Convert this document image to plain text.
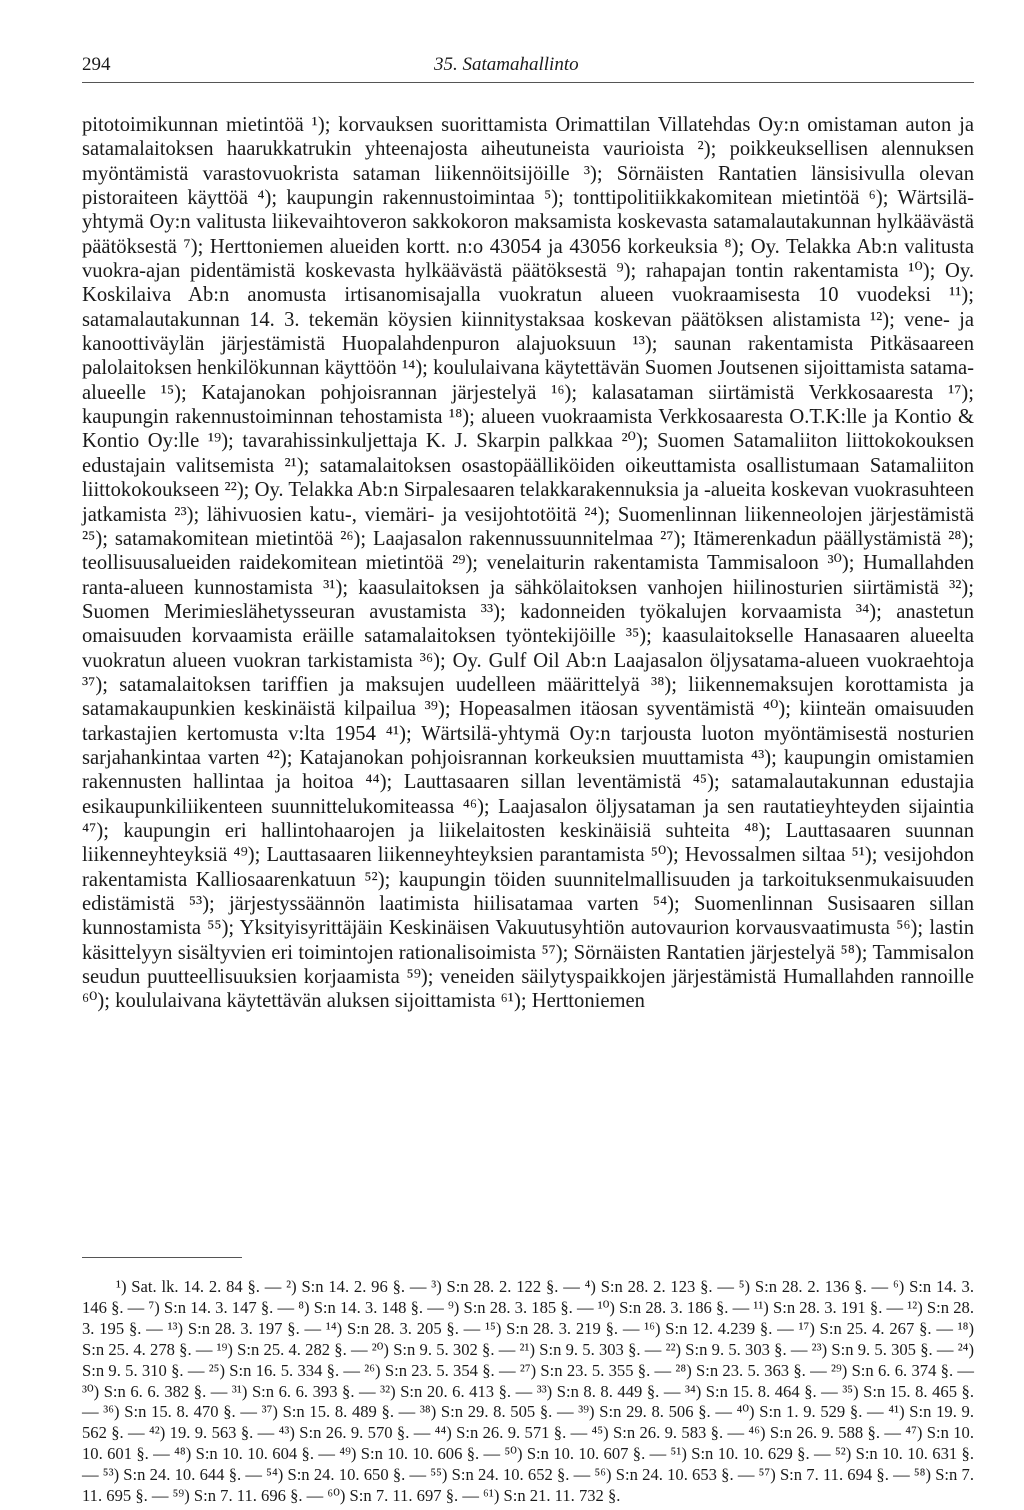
294	35. Satamahallinto

pitotoimikunnan mietintöä ¹); korvauksen suorittamista Orimattilan Villatehdas Oy:n omistaman auton ja satamalaitoksen haarukkatrukin yhteenajosta aiheutuneista vaurioista ²); poikkeuksellisen alennuksen myöntämistä varastovuokrista sataman liikennöitsijöille ³); Sörnäisten Rantatien länsisivulla olevan pistoraiteen käyttöä ⁴); kaupungin rakennustoimintaa ⁵); tonttipolitiikkakomitean mietintöä ⁶); Wärtsilä-yhtymä Oy:n valitusta liikevaihtoveron sakkokoron maksamista koskevasta satamalautakunnan hylkäävästä päätöksestä ⁷); Herttoniemen alueiden kortt. n:o 43054 ja 43056 korkeuksia ⁸); Oy. Telakka Ab:n valitusta vuokra-ajan pidentämistä koskevasta hylkäävästä päätöksestä ⁹); rahapajan tontin rakentamista ¹⁰); Oy. Koskilaiva Ab:n anomusta irtisanomisajalla vuokratun alueen vuokraamisesta 10 vuodeksi ¹¹); satamalautakunnan 14. 3. tekemän köysien kiinnitystaksaa koskevan päätöksen alistamista ¹²); vene- ja kanoottiväylän järjestämistä Huopalahdenpuron alajuoksuun ¹³); saunan rakentamista Pitkäsaareen palolaitoksen henkilökunnan käyttöön ¹⁴); koululaivana käytettävän Suomen Joutsenen sijoittamista satama-alueelle ¹⁵); Katajanokan pohjoisrannan järjestelyä ¹⁶); kalasataman siirtämistä Verkkosaaresta ¹⁷); kaupungin rakennustoiminnan tehostamista ¹⁸); alueen vuokraamista Verkkosaaresta O.T.K:lle ja Kontio & Kontio Oy:lle ¹⁹); tavarahissinkuljettaja K. J. Skarpin palkkaa ²⁰); Suomen Satamaliiton liittokokouksen edustajain valitsemista ²¹); satamalaitoksen osastopäälliköiden oikeuttamista osallistumaan Satamaliiton liittokokoukseen ²²); Oy. Telakka Ab:n Sirpalesaaren telakkarakennuksia ja -alueita koskevan vuokrasuhteen jatkamista ²³); lähivuosien katu-, viemäri- ja vesijohtotöitä ²⁴); Suomenlinnan liikenneolojen järjestämistä ²⁵); satamakomitean mietintöä ²⁶); Laajasalon rakennussuunnitelmaa ²⁷); Itämerenkadun päällystämistä ²⁸); teollisuusalueiden raidekomitean mietintöä ²⁹); venelaiturin rakentamista Tammisaloon ³⁰); Humallahden ranta-alueen kunnostamista ³¹); kaasulaitoksen ja sähkölaitoksen vanhojen hiilinosturien siirtämistä ³²); Suomen Merimieslähetysseuran avustamista ³³); kadonneiden työkalujen korvaamista ³⁴); anastetun omaisuuden korvaamista eräille satamalaitoksen työntekijöille ³⁵); kaasulaitokselle Hanasaaren alueelta vuokratun alueen vuokran tarkistamista ³⁶); Oy. Gulf Oil Ab:n Laajasalon öljysatama-alueen vuokraehtoja ³⁷); satamalaitoksen tariffien ja maksujen uudelleen määrittelyä ³⁸); liikennemaksujen korottamista ja satamakaupunkien keskinäistä kilpailua ³⁹); Hopeasalmen itäosan syventämistä ⁴⁰); kiinteän omaisuuden tarkastajien kertomusta v:lta 1954 ⁴¹); Wärtsilä-yhtymä Oy:n tarjousta luoton myöntämisestä nosturien sarjahankintaa varten ⁴²); Katajanokan pohjoisrannan korkeuksien muuttamista ⁴³); kaupungin omistamien rakennusten hallintaa ja hoitoa ⁴⁴); Lauttasaaren sillan leventämistä ⁴⁵); satamalautakunnan edustajia esikaupunkiliikenteen suunnittelukomiteassa ⁴⁶); Laajasalon öljysataman ja sen rautatieyhteyden sijaintia ⁴⁷); kaupungin eri hallintohaarojen ja liikelaitosten keskinäisiä suhteita ⁴⁸); Lauttasaaren suunnan liikenneyhteyksiä ⁴⁹); Lauttasaaren liikenneyhteyksien parantamista ⁵⁰); Hevossalmen siltaa ⁵¹); vesijohdon rakentamista Kalliosaarenkatuun ⁵²); kaupungin töiden suunnitelmallisuuden ja tarkoituksenmukaisuuden edistämistä ⁵³); järjestyssäännön laatimista hiilisatamaa varten ⁵⁴); Suomenlinnan Susisaaren sillan kunnostamista ⁵⁵); Yksityisyrittäjäin Keskinäisen Vakuutusyhtiön autovaurion korvausvaatimusta ⁵⁶); lastin käsittelyyn sisältyvien eri toimintojen rationalisoimista ⁵⁷); Sörnäisten Rantatien järjestelyä ⁵⁸); Tammisalon seudun puutteellisuuksien korjaamista ⁵⁹); veneiden säilytyspaikkojen järjestämistä Humallahden rannoille ⁶⁰); koululaivana käytettävän aluksen sijoittamista ⁶¹); Herttoniemen

¹) Sat. lk. 14. 2. 84 §. — ²) S:n 14. 2. 96 §. — ³) S:n 28. 2. 122 §. — ⁴) S:n 28. 2. 123 §. — ⁵) S:n 28. 2. 136 §. — ⁶) S:n 14. 3. 146 §. — ⁷) S:n 14. 3. 147 §. — ⁸) S:n 14. 3. 148 §. — ⁹) S:n 28. 3. 185 §. — ¹⁰) S:n 28. 3. 186 §. — ¹¹) S:n 28. 3. 191 §. — ¹²) S:n 28. 3. 195 §. — ¹³) S:n 28. 3. 197 §. — ¹⁴) S:n 28. 3. 205 §. — ¹⁵) S:n 28. 3. 219 §. — ¹⁶) S:n 12. 4.239 §. — ¹⁷) S:n 25. 4. 267 §. — ¹⁸) S:n 25. 4. 278 §. — ¹⁹) S:n 25. 4. 282 §. — ²⁰) S:n 9. 5. 302 §. — ²¹) S:n 9. 5. 303 §. — ²²) S:n 9. 5. 303 §. — ²³) S:n 9. 5. 305 §. — ²⁴) S:n 9. 5. 310 §. — ²⁵) S:n 16. 5. 334 §. — ²⁶) S:n 23. 5. 354 §. — ²⁷) S:n 23. 5. 355 §. — ²⁸) S:n 23. 5. 363 §. — ²⁹) S:n 6. 6. 374 §. — ³⁰) S:n 6. 6. 382 §. — ³¹) S:n 6. 6. 393 §. — ³²) S:n 20. 6. 413 §. — ³³) S:n 8. 8. 449 §. — ³⁴) S:n 15. 8. 464 §. — ³⁵) S:n 15. 8. 465 §. — ³⁶) S:n 15. 8. 470 §. — ³⁷) S:n 15. 8. 489 §. — ³⁸) S:n 29. 8. 505 §. — ³⁹) S:n 29. 8. 506 §. — ⁴⁰) S:n 1. 9. 529 §. — ⁴¹) S:n 19. 9. 562 §. — ⁴²) 19. 9. 563 §. — ⁴³) S:n 26. 9. 570 §. — ⁴⁴) S:n 26. 9. 571 §. — ⁴⁵) S:n 26. 9. 583 §. — ⁴⁶) S:n 26. 9. 588 §. — ⁴⁷) S:n 10. 10. 601 §. — ⁴⁸) S:n 10. 10. 604 §. — ⁴⁹) S:n 10. 10. 606 §. — ⁵⁰) S:n 10. 10. 607 §. — ⁵¹) S:n 10. 10. 629 §. — ⁵²) S:n 10. 10. 631 §. — ⁵³) S:n 24. 10. 644 §. — ⁵⁴) S:n 24. 10. 650 §. — ⁵⁵) S:n 24. 10. 652 §. — ⁵⁶) S:n 24. 10. 653 §. — ⁵⁷) S:n 7. 11. 694 §. — ⁵⁸) S:n 7. 11. 695 §. — ⁵⁹) S:n 7. 11. 696 §. — ⁶⁰) S:n 7. 11. 697 §. — ⁶¹) S:n 21. 11. 732 §.
